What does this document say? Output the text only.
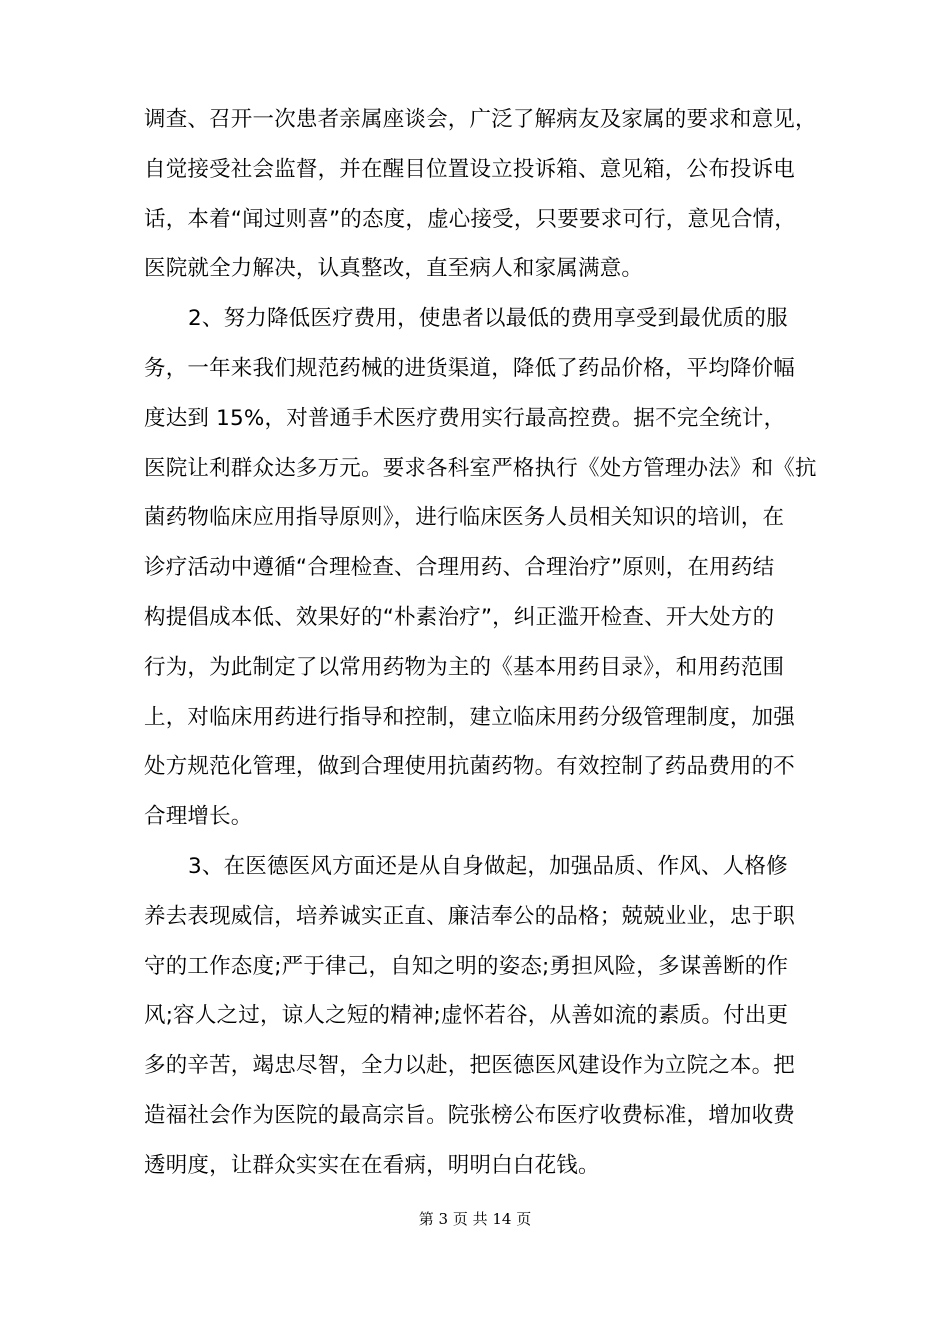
调查、召开一次患者亲属座谈会，广泛了解病友及家属的要求和意见，
自觉接受社会监督，并在醒目位置设立投诉箱、意见箱，公布投诉电
话，本着“闻过则喜”的态度，虚心接受，只要要求可行，意见合情，
医院就全力解决，认真整改，直至病人和家属满意。
2、努力降低医疗费用，使患者以最低的费用享受到最优质的服
务，一年来我们规范药械的进货渠道，降低了药品价格，平均降价幅
度达到 15%，对普通手术医疗费用实行最高控费。据不完全统计，
医院让利群众达多万元。要求各科室严格执行《处方管理办法》和《抗
菌药物临床应用指导原则》，进行临床医务人员相关知识的培训，在
诊疗活动中遵循“合理检查、合理用药、合理治疗”原则，在用药结
构提倡成本低、效果好的“朴素治疗”，纠正滥开检查、开大处方的
行为，为此制定了以常用药物为主的《基本用药目录》，和用药范围
上，对临床用药进行指导和控制，建立临床用药分级管理制度，加强
处方规范化管理，做到合理使用抗菌药物。有效控制了药品费用的不
合理增长。
3、在医德医风方面还是从自身做起，加强品质、作风、人格修
养去表现威信，培养诚实正直、廉洁奉公的品格；兢兢业业，忠于职
守的工作态度;严于律己，自知之明的姿态;勇担风险，多谋善断的作
风;容人之过，谅人之短的精神;虚怀若谷，从善如流的素质。付出更
多的辛苦，竭忠尽智，全力以赴，把医德医风建设作为立院之本。把
造福社会作为医院的最高宗旨。院张榜公布医疗收费标准，增加收费
透明度，让群众实实在在看病，明明白白花钱。
第 3 页 共 14 页
